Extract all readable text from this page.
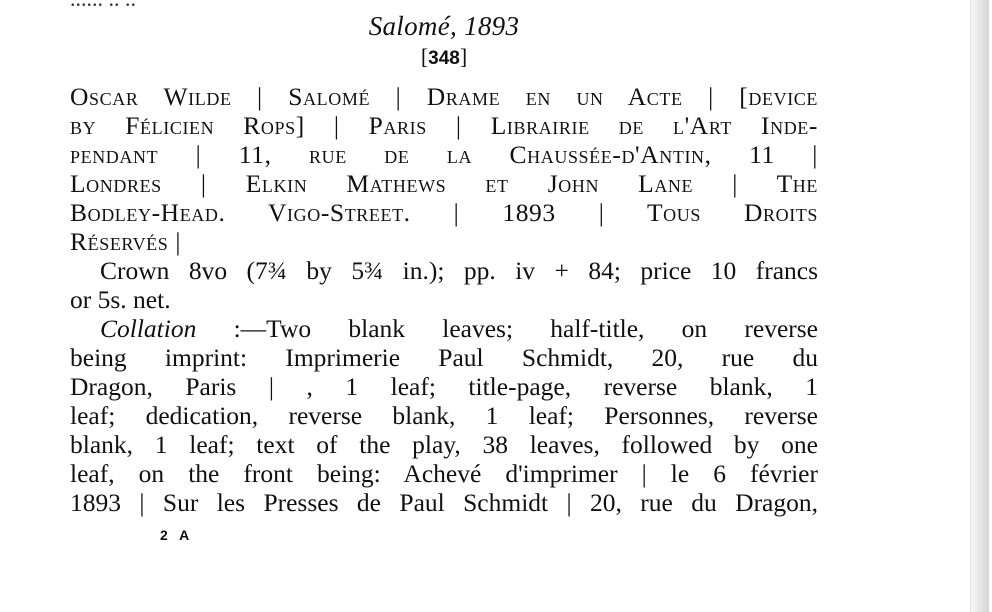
Salomé, 1893
[348]
Oscar Wilde | Salomé | Drame en un Acte | [device
by Félicien Rops] | Paris | Librairie de l'Art Inde-
pendant | 11, rue de la Chaussée-d'Antin, 11 |
Londres | Elkin Mathews et John Lane | The
Bodley-Head. Vigo-Street. | 1893 | Tous Droits
Réservés |
Crown 8vo (7¾ by 5¾ in.); pp. iv + 84; price 10 francs
or 5s. net.
Collation :—Two blank leaves; half-title, on reverse
being imprint: Imprimerie Paul Schmidt, 20, rue du
Dragon, Paris | , 1 leaf; title-page, reverse blank, 1
leaf; dedication, reverse blank, 1 leaf; Personnes, reverse
blank, 1 leaf; text of the play, 38 leaves, followed by one
leaf, on the front being: Achevé d'imprimer | le 6 février
1893 | Sur les Presses de Paul Schmidt | 20, rue du Dragon,
2 A
